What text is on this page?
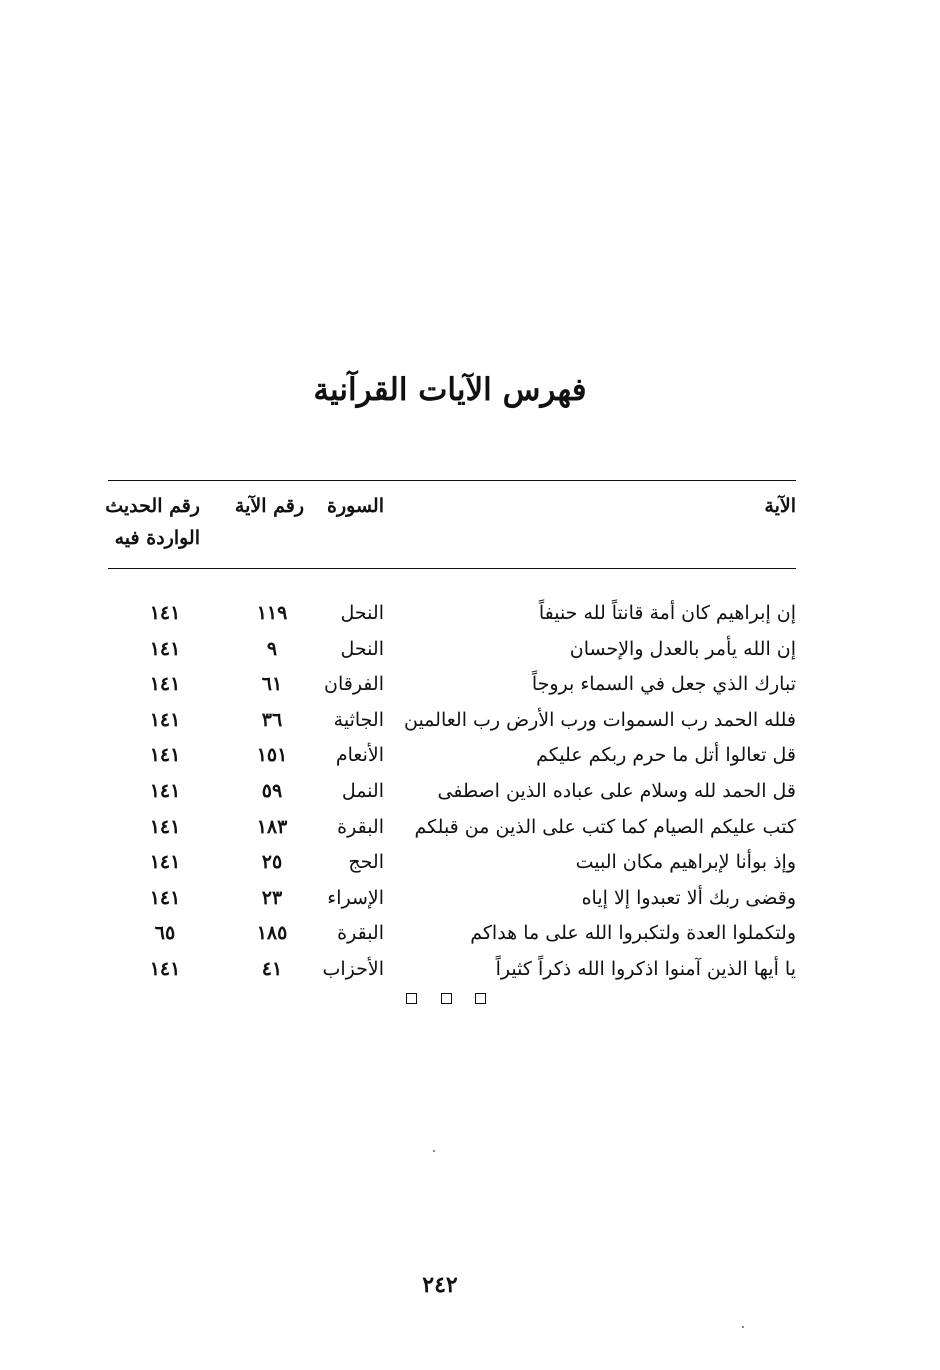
فهرس الآيات القرآنية
الآية
السورة
رقم الآية
رقم الحديث
الواردة فيه
إن إبراهيم كان أمة قانتاً لله حنيفاً
النحل
١١٩
١٤١
إن الله يأمر بالعدل والإحسان
النحل
٩
١٤١
تبارك الذي جعل في السماء بروجاً
الفرقان
٦١
١٤١
فلله الحمد رب السموات ورب الأرض رب العالمين
الجاثية
٣٦
١٤١
قل تعالوا أتل ما حرم ربكم عليكم
الأنعام
١٥١
١٤١
قل الحمد لله وسلام على عباده الذين اصطفى
النمل
٥٩
١٤١
كتب عليكم الصيام كما كتب على الذين من قبلكم
البقرة
١٨٣
١٤١
وإذ بوأنا لإبراهيم مكان البيت
الحج
٢٥
١٤١
وقضى ربك ألا تعبدوا إلا إياه
الإسراء
٢٣
١٤١
ولتكملوا العدة ولتكبروا الله على ما هداكم
البقرة
١٨٥
٦٥
يا أيها الذين آمنوا اذكروا الله ذكراً كثيراً
الأحزاب
٤١
١٤١
٢٤٢
